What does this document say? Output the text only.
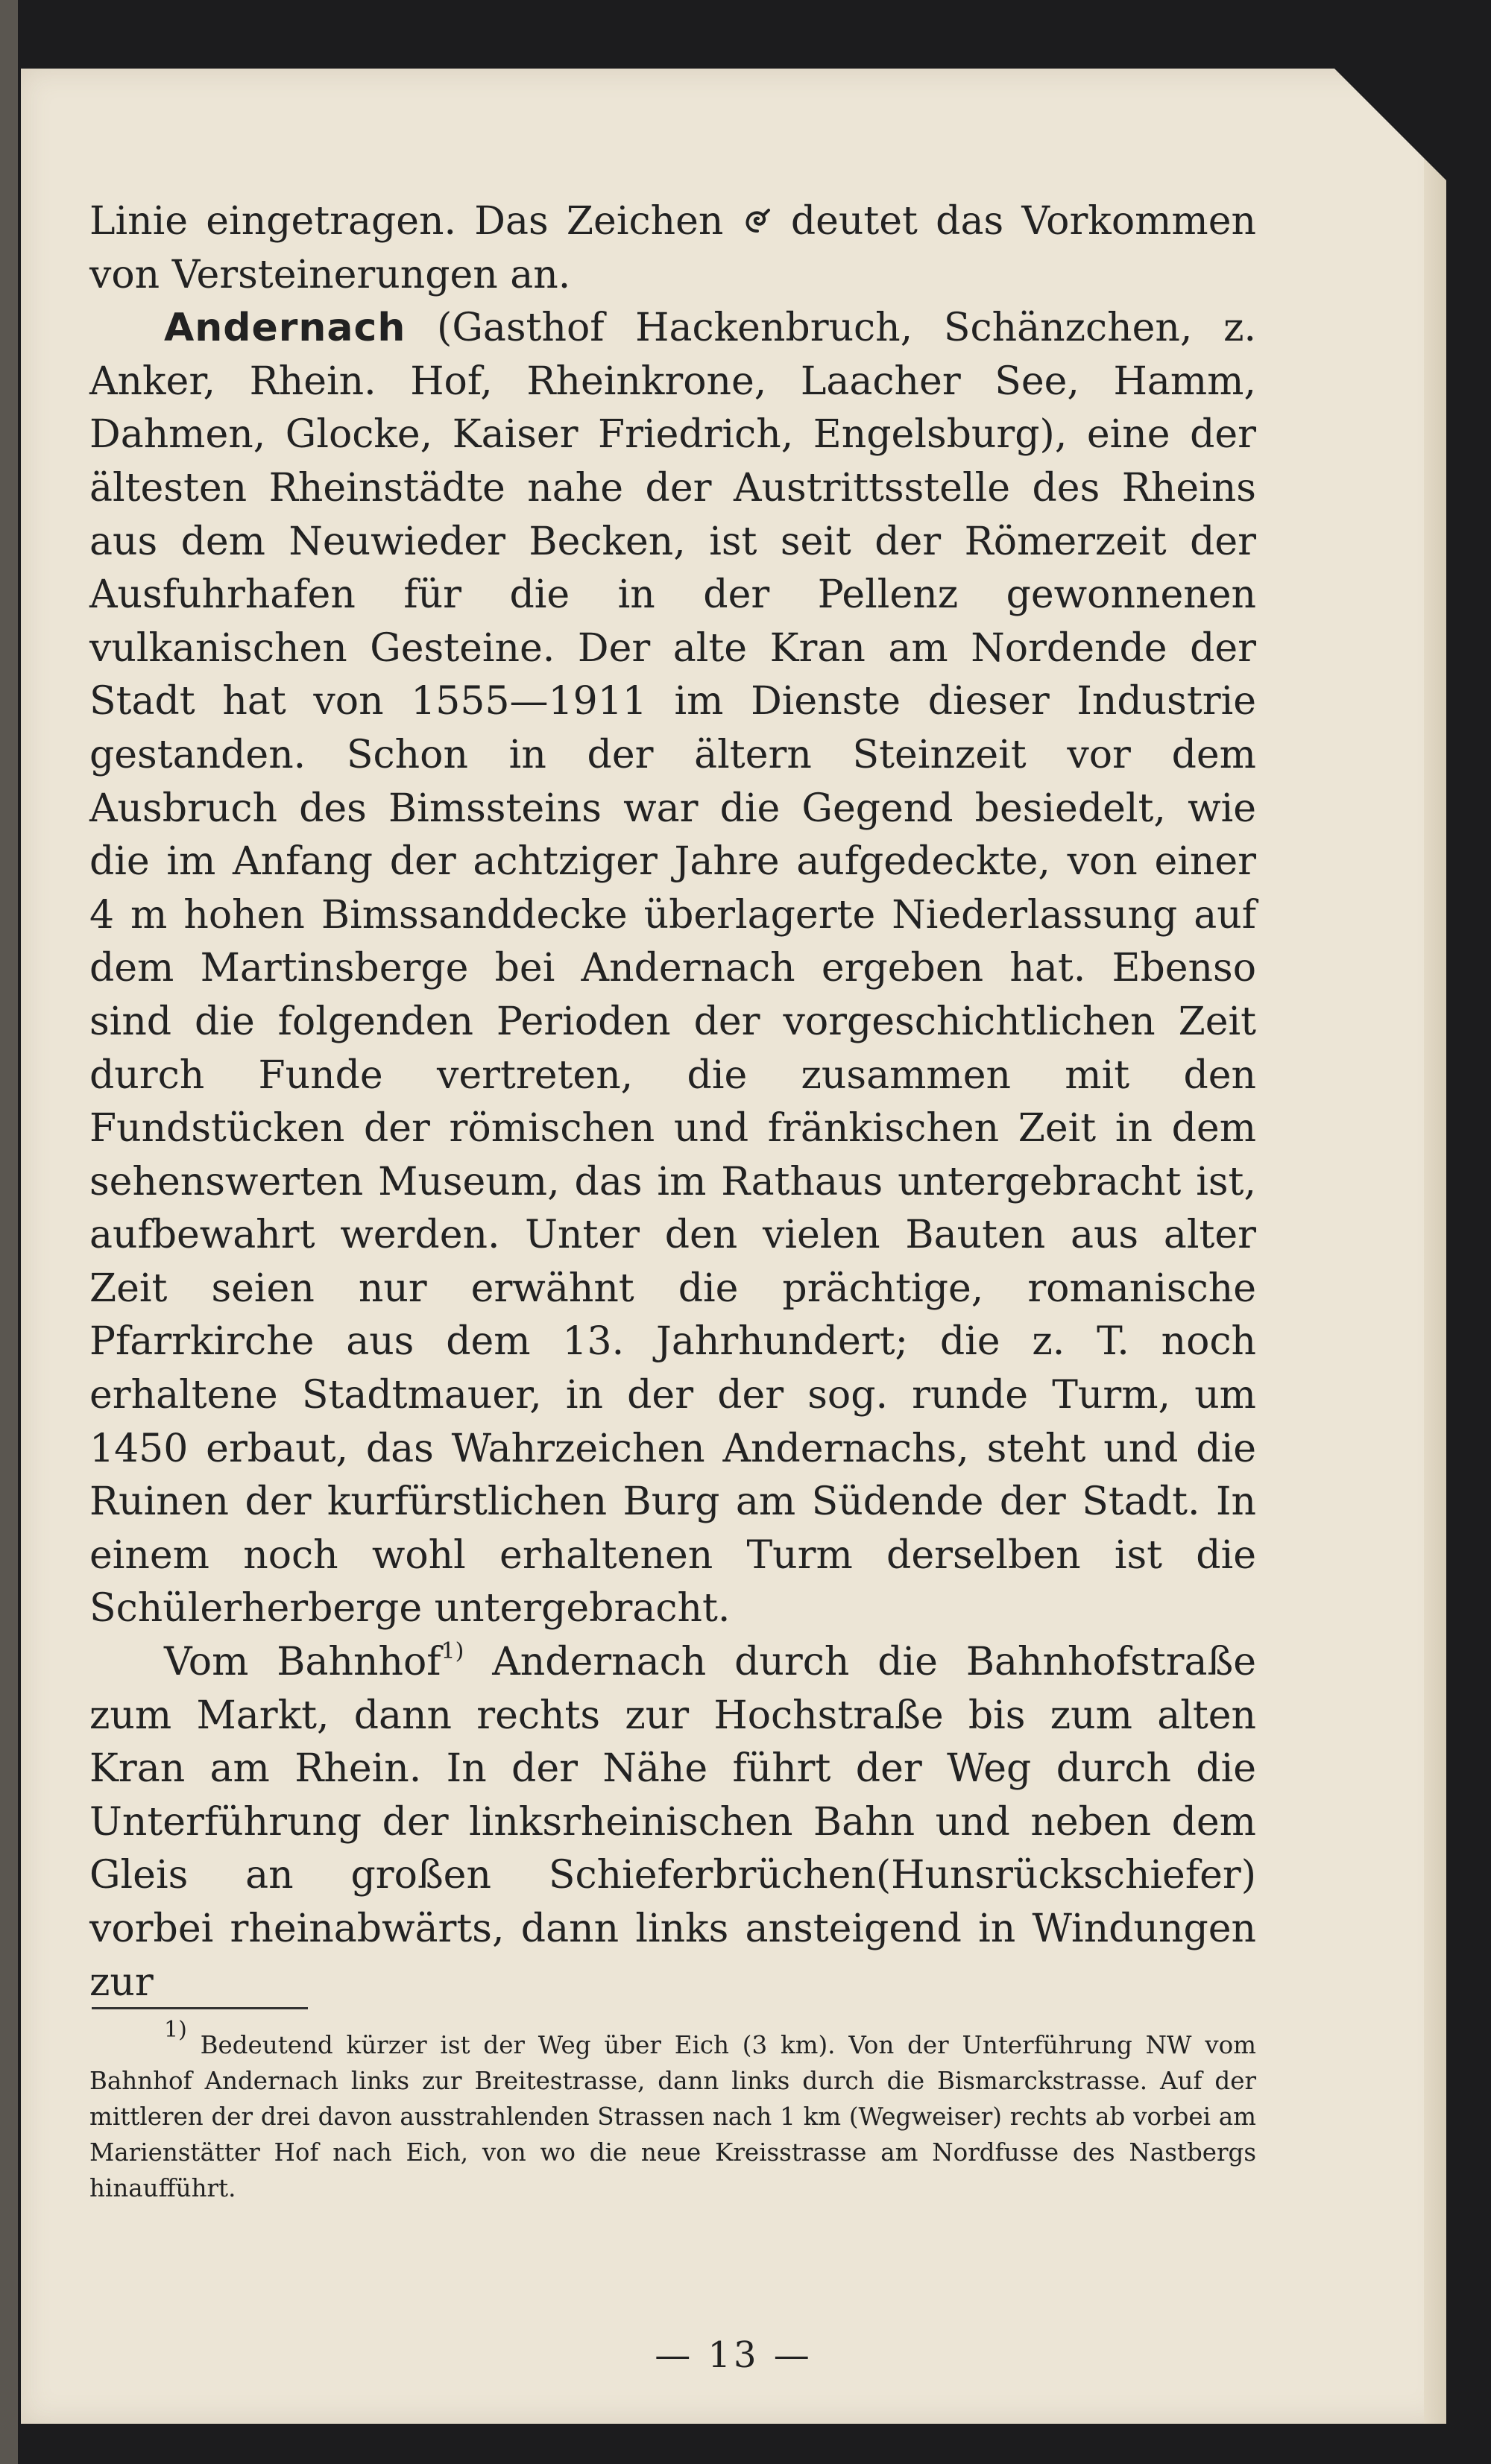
Linie eingetragen. Das Zeichen deutet das Vorkommen von Versteinerungen an.

Andernach (Gasthof Hackenbruch, Schänzchen, z. Anker, Rhein. Hof, Rheinkrone, Laacher See, Hamm, Dahmen, Glocke, Kaiser Friedrich, Engelsburg), eine der ältesten Rheinstädte nahe der Austrittsstelle des Rheins aus dem Neuwieder Becken, ist seit der Römerzeit der Ausfuhrhafen für die in der Pellenz gewonnenen vulkanischen Gesteine. Der alte Kran am Nordende der Stadt hat von 1555—1911 im Dienste dieser Industrie gestanden. Schon in der ältern Steinzeit vor dem Ausbruch des Bimssteins war die Gegend besiedelt, wie die im Anfang der achtziger Jahre aufgedeckte, von einer 4 m hohen Bimssanddecke überlagerte Niederlassung auf dem Martinsberge bei Andernach ergeben hat. Ebenso sind die folgenden Perioden der vorgeschichtlichen Zeit durch Funde vertreten, die zusammen mit den Fundstücken der römischen und fränkischen Zeit in dem sehenswerten Museum, das im Rathaus untergebracht ist, aufbewahrt werden. Unter den vielen Bauten aus alter Zeit seien nur erwähnt die prächtige, romanische Pfarrkirche aus dem 13. Jahrhundert; die z. T. noch erhaltene Stadtmauer, in der der sog. runde Turm, um 1450 erbaut, das Wahrzeichen Andernachs, steht und die Ruinen der kurfürstlichen Burg am Südende der Stadt. In einem noch wohl erhaltenen Turm derselben ist die Schülerherberge untergebracht.

Vom Bahnhof$^{1)}$ Andernach durch die Bahnhofstraße zum Markt, dann rechts zur Hochstraße bis zum alten Kran am Rhein. In der Nähe führt der Weg durch die Unterführung der linksrheinischen Bahn und neben dem Gleis an großen Schieferbrüchen(Hunsrückschiefer) vorbei rheinabwärts, dann links ansteigend in Windungen zur

1) Bedeutend kürzer ist der Weg über Eich (3 km). Von der Unterführung NW vom Bahnhof Andernach links zur Breitestrasse, dann links durch die Bismarckstrasse. Auf der mittleren der drei davon ausstrahlenden Strassen nach 1 km (Wegweiser) rechts ab vorbei am Marienstätter Hof nach Eich, von wo die neue Kreisstrasse am Nordfusse des Nastbergs hinaufführt.

— 13 —
